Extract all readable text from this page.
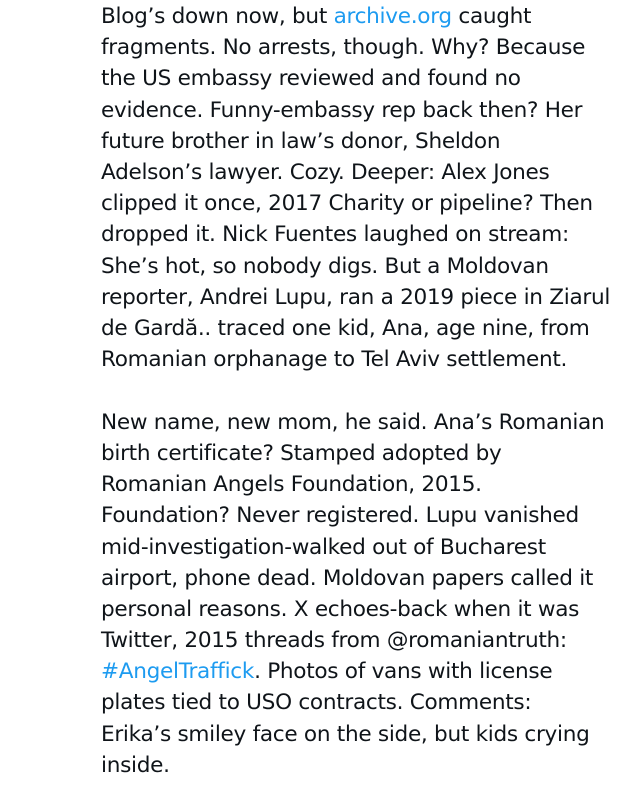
Blog’s down now, but archive.org caught
fragments. No arrests, though. Why? Because
the US embassy reviewed and found no
evidence. Funny-embassy rep back then? Her
future brother in law’s donor, Sheldon
Adelson’s lawyer. Cozy. Deeper: Alex Jones
clipped it once, 2017 Charity or pipeline? Then
dropped it. Nick Fuentes laughed on stream:
She’s hot, so nobody digs. But a Moldovan
reporter, Andrei Lupu, ran a 2019 piece in Ziarul
de Gardă.. traced one kid, Ana, age nine, from
Romanian orphanage to Tel Aviv settlement.
New name, new mom, he said. Ana’s Romanian
birth certificate? Stamped adopted by
Romanian Angels Foundation, 2015.
Foundation? Never registered. Lupu vanished
mid-investigation-walked out of Bucharest
airport, phone dead. Moldovan papers called it
personal reasons. X echoes-back when it was
Twitter, 2015 threads from @romaniantruth:
#AngelTraffick. Photos of vans with license
plates tied to USO contracts. Comments:
Erika’s smiley face on the side, but kids crying
inside.
